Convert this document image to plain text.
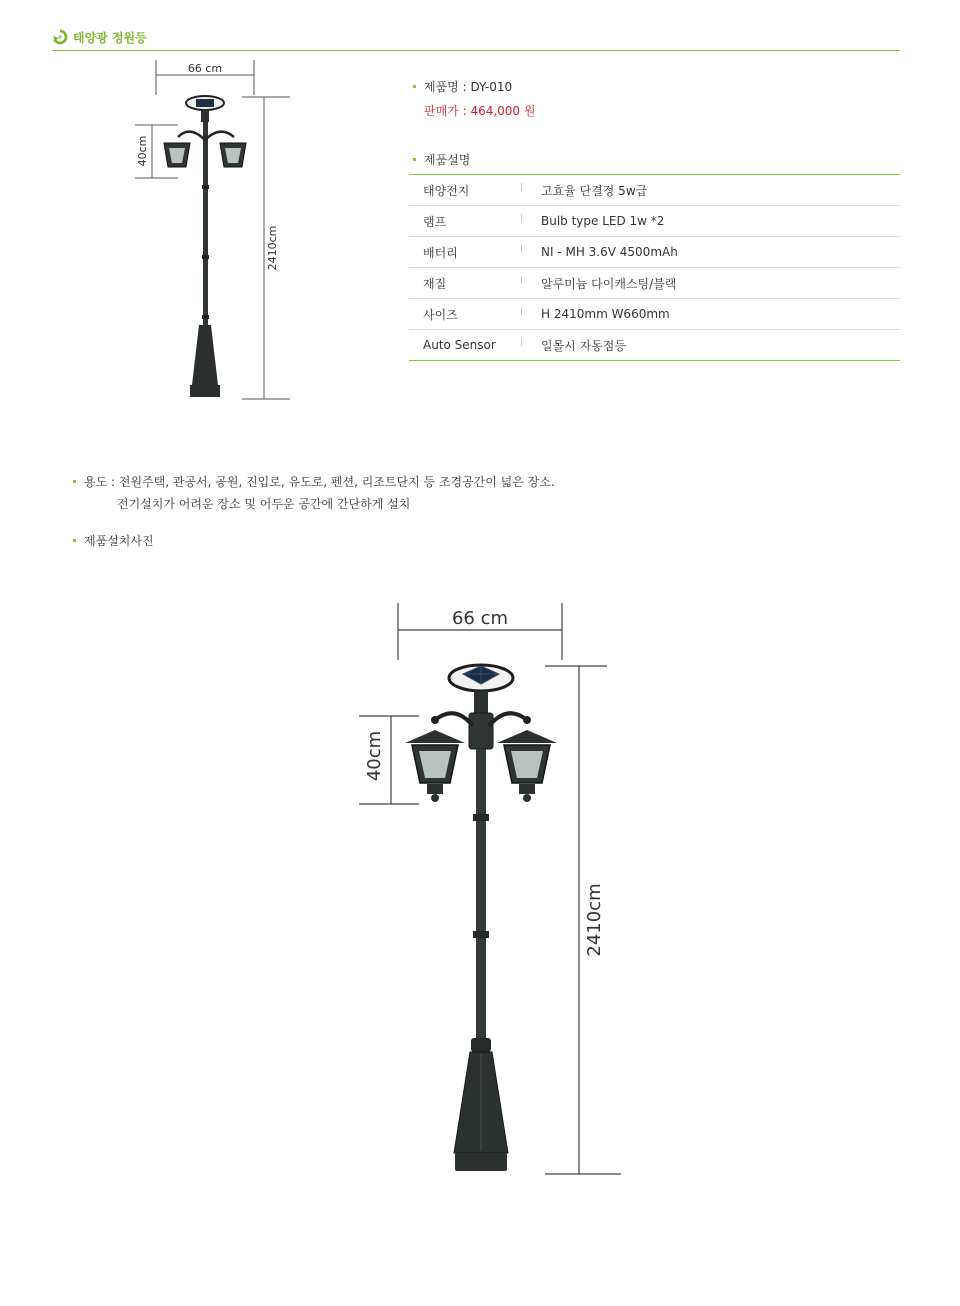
태양광 정원등
66 cm
40cm
2410cm
제품명 : DY-010
판매가 : 464,000 원
제품설명
태양전지	고효율 단결정 5w급
램프	Bulb type LED 1w *2
배터리	NI - MH 3.6V 4500mAh
재질	알루미늄 다이캐스팅/블랙
사이즈	H 2410mm W660mm
Auto Sensor	일몰시 자동점등
용도 : 전원주택, 관공서, 공원, 진입로, 유도로, 펜션, 리조트단지 등 조경공간이 넓은 장소.
전기설치가 어려운 장소 및 어두운 공간에 간단하게 설치
제품설치사진
66 cm
40cm
2410cm
